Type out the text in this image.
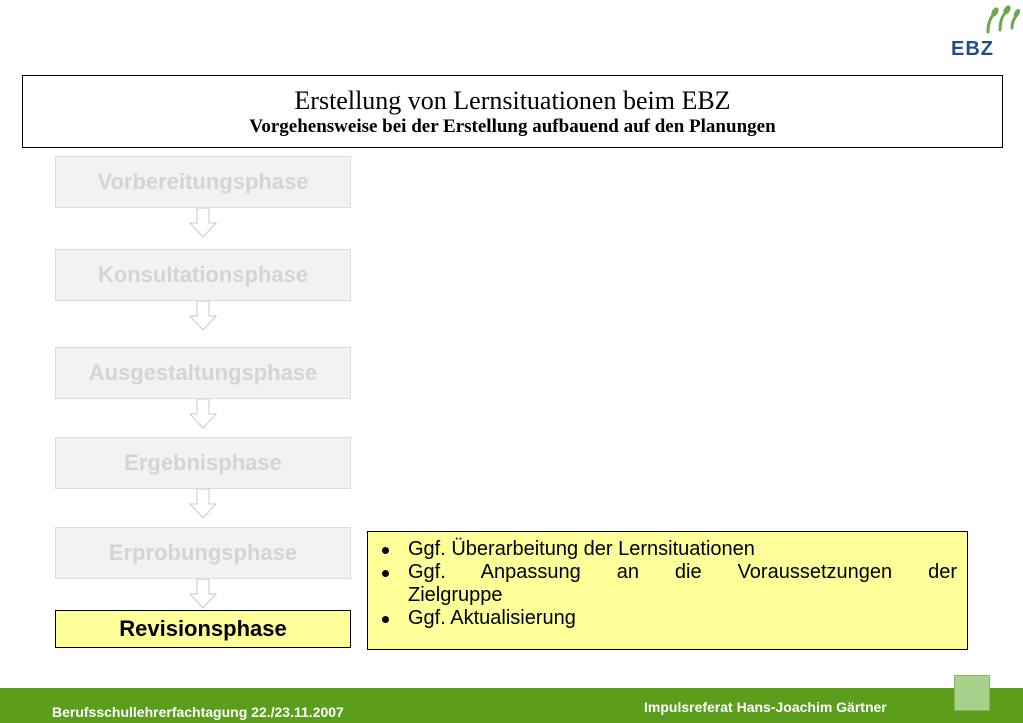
EBZ
Erstellung von Lernsituationen beim EBZ
Vorgehensweise bei der Erstellung aufbauend auf den Planungen
Vorbereitungsphase
Konsultationsphase
Ausgestaltungsphase
Ergebnisphase
Erprobungsphase
Revisionsphase
Ggf. Überarbeitung der Lernsituationen
Ggf. Anpassung an die Voraussetzungen der Zielgruppe
Ggf. Aktualisierung
Berufsschullehrerfachtagung 22./23.11.2007	Impulsreferat Hans-Joachim Gärtner
